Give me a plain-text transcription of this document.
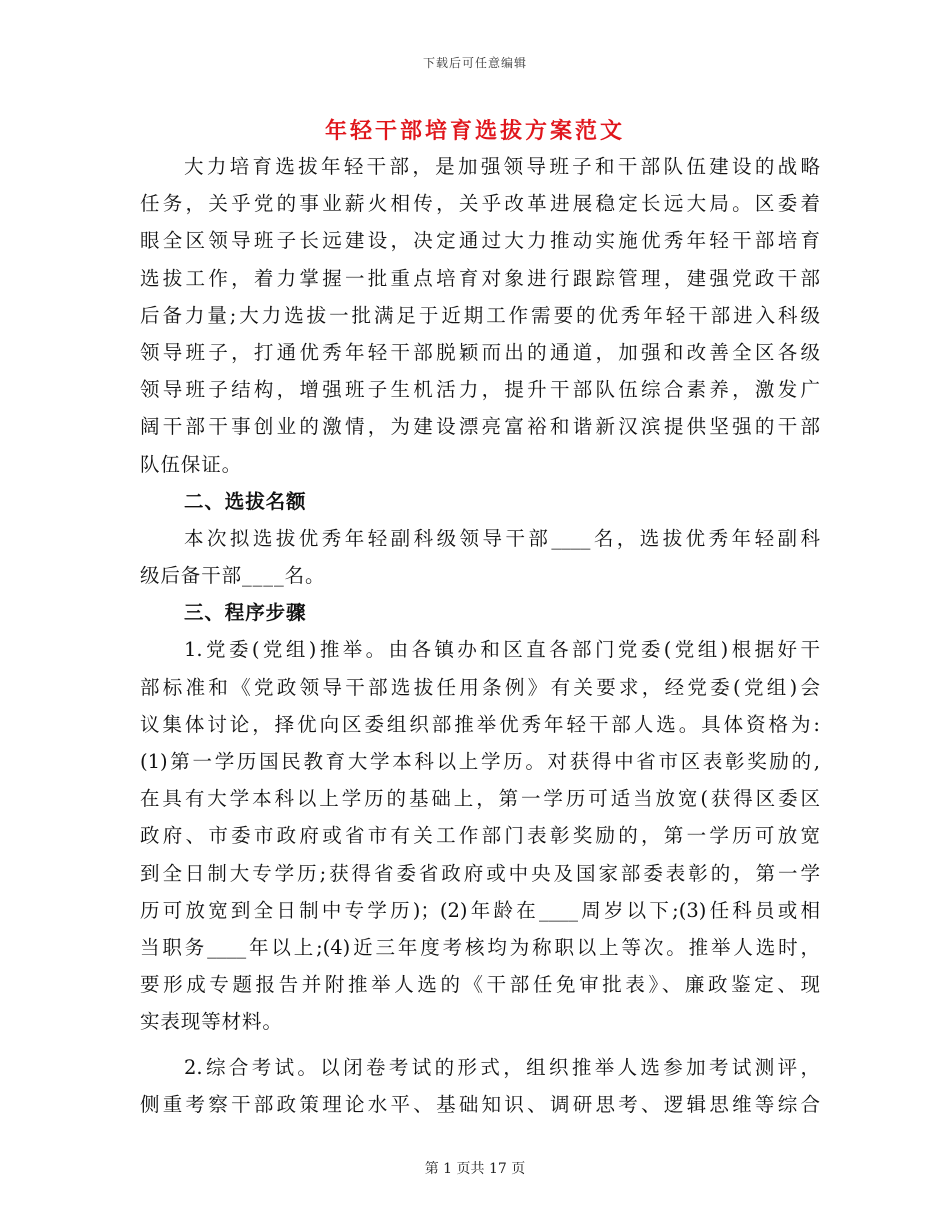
下载后可任意编辑
年轻干部培育选拔方案范文
大力培育选拔年轻干部，是加强领导班子和干部队伍建设的战略
任务，关乎党的事业薪火相传，关乎改革进展稳定长远大局。区委着
眼全区领导班子长远建设，决定通过大力推动实施优秀年轻干部培育
选拔工作，着力掌握一批重点培育对象进行跟踪管理，建强党政干部
后备力量;大力选拔一批满足于近期工作需要的优秀年轻干部进入科级
领导班子，打通优秀年轻干部脱颖而出的通道，加强和改善全区各级
领导班子结构，增强班子生机活力，提升干部队伍综合素养，激发广
阔干部干事创业的激情，为建设漂亮富裕和谐新汉滨提供坚强的干部
队伍保证。
二、选拔名额
本次拟选拔优秀年轻副科级领导干部____名，选拔优秀年轻副科
级后备干部____名。
三、程序步骤
1.党委(党组)推举。由各镇办和区直各部门党委(党组)根据好干
部标准和《党政领导干部选拔任用条例》有关要求，经党委(党组)会
议集体讨论，择优向区委组织部推举优秀年轻干部人选。具体资格为:
(1)第一学历国民教育大学本科以上学历。对获得中省市区表彰奖励的,
在具有大学本科以上学历的基础上，第一学历可适当放宽(获得区委区
政府、市委市政府或省市有关工作部门表彰奖励的，第一学历可放宽
到全日制大专学历;获得省委省政府或中央及国家部委表彰的，第一学
历可放宽到全日制中专学历)；(2)年龄在____周岁以下;(3)任科员或相
当职务____年以上;(4)近三年度考核均为称职以上等次。推举人选时，
要形成专题报告并附推举人选的《干部任免审批表》、廉政鉴定、现
实表现等材料。
2.综合考试。以闭卷考试的形式，组织推举人选参加考试测评，
侧重考察干部政策理论水平、基础知识、调研思考、逻辑思维等综合
第 1 页共 17 页
